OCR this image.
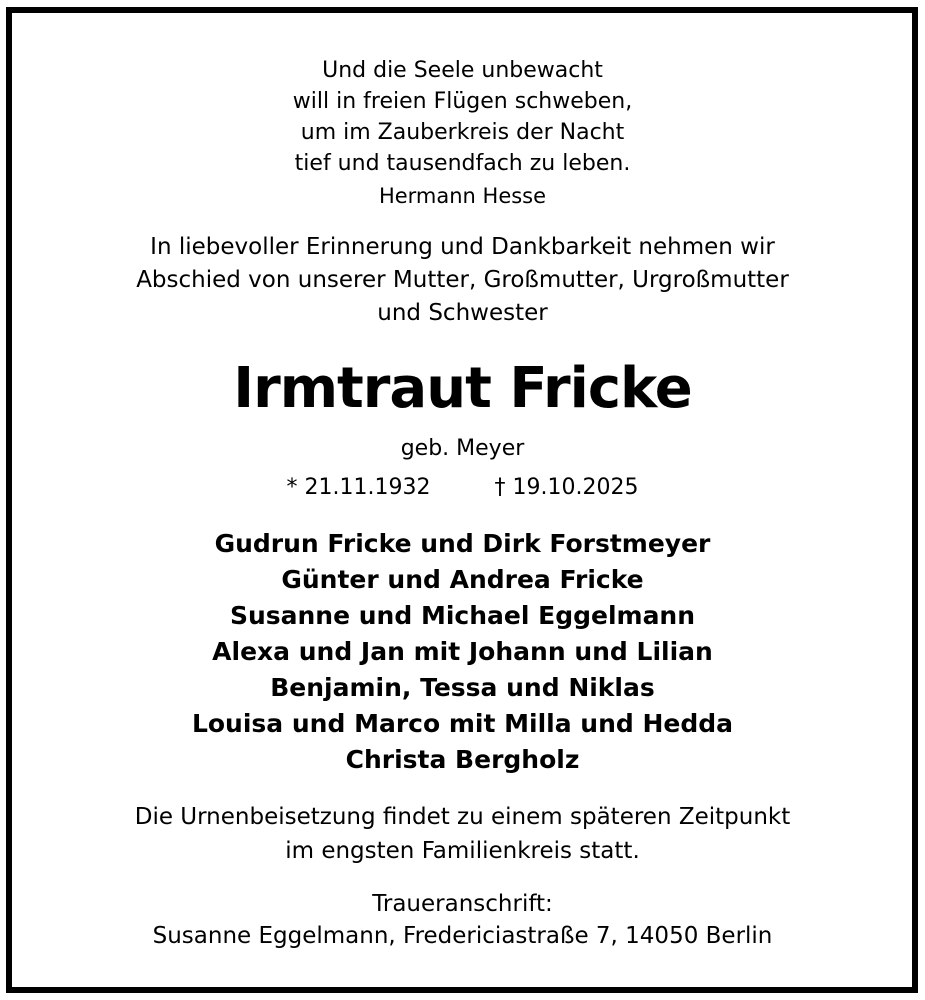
Und die Seele unbewacht
will in freien Flügen schweben,
um im Zauberkreis der Nacht
tief und tausendfach zu leben.
Hermann Hesse
In liebevoller Erinnerung und Dankbarkeit nehmen wir
Abschied von unserer Mutter, Großmutter, Urgroßmutter
und Schwester
Irmtraut Fricke
geb. Meyer
* 21.11.1932	† 19.10.2025
Gudrun Fricke und Dirk Forstmeyer
Günter und Andrea Fricke
Susanne und Michael Eggelmann
Alexa und Jan mit Johann und Lilian
Benjamin, Tessa und Niklas
Louisa und Marco mit Milla und Hedda
Christa Bergholz
Die Urnenbeisetzung findet zu einem späteren Zeitpunkt
im engsten Familienkreis statt.
Traueranschrift:
Susanne Eggelmann, Fredericiastraße 7, 14050 Berlin
